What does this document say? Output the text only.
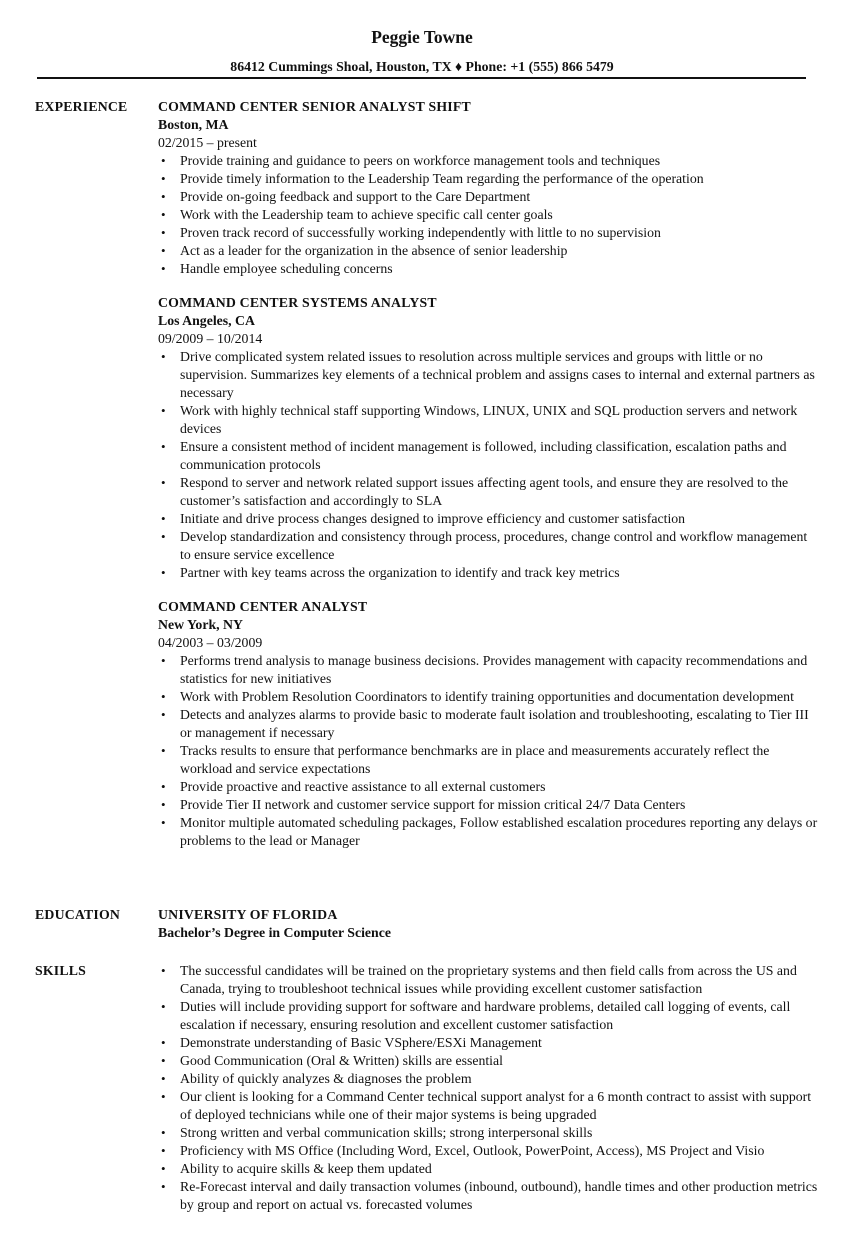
Peggie Towne
86412 Cummings Shoal, Houston, TX ♦ Phone: +1 (555) 866 5479
EXPERIENCE COMMAND CENTER SENIOR ANALYST SHIFT
Boston, MA
02/2015 – present
• Provide training and guidance to peers on workforce management tools and techniques
• Provide timely information to the Leadership Team regarding the performance of the operation
• Provide on-going feedback and support to the Care Department
• Work with the Leadership team to achieve specific call center goals
• Proven track record of successfully working independently with little to no supervision
• Act as a leader for the organization in the absence of senior leadership
• Handle employee scheduling concerns
COMMAND CENTER SYSTEMS ANALYST
Los Angeles, CA
09/2009 – 10/2014
• Drive complicated system related issues to resolution across multiple services and groups with little or no supervision. Summarizes key elements of a technical problem and assigns cases to internal and external partners as necessary
• Work with highly technical staff supporting Windows, LINUX, UNIX and SQL production servers and network devices
• Ensure a consistent method of incident management is followed, including classification, escalation paths and communication protocols
• Respond to server and network related support issues affecting agent tools, and ensure they are resolved to the customer’s satisfaction and accordingly to SLA
• Initiate and drive process changes designed to improve efficiency and customer satisfaction
• Develop standardization and consistency through process, procedures, change control and workflow management to ensure service excellence
• Partner with key teams across the organization to identify and track key metrics
COMMAND CENTER ANALYST
New York, NY
04/2003 – 03/2009
• Performs trend analysis to manage business decisions. Provides management with capacity recommendations and statistics for new initiatives
• Work with Problem Resolution Coordinators to identify training opportunities and documentation development
• Detects and analyzes alarms to provide basic to moderate fault isolation and troubleshooting, escalating to Tier III or management if necessary
• Tracks results to ensure that performance benchmarks are in place and measurements accurately reflect the workload and service expectations
• Provide proactive and reactive assistance to all external customers
• Provide Tier II network and customer service support for mission critical 24/7 Data Centers
• Monitor multiple automated scheduling packages, Follow established escalation procedures reporting any delays or problems to the lead or Manager
EDUCATION	UNIVERSITY OF FLORIDA
Bachelor’s Degree in Computer Science
SKILLS
•	The successful candidates will be trained on the proprietary systems and then field calls from across the US and Canada, trying to troubleshoot technical issues while providing excellent customer satisfaction
• Duties will include providing support for software and hardware problems, detailed call logging of events, call escalation if necessary, ensuring resolution and excellent customer satisfaction
• Demonstrate understanding of Basic VSphere/ESXi Management
• Good Communication (Oral & Written) skills are essential
• Ability of quickly analyzes & diagnoses the problem
• Our client is looking for a Command Center technical support analyst for a 6 month contract to assist with support of deployed technicians while one of their major systems is being upgraded
• Strong written and verbal communication skills; strong interpersonal skills
• Proficiency with MS Office (Including Word, Excel, Outlook, PowerPoint, Access), MS Project and Visio
• Ability to acquire skills & keep them updated
• Re-Forecast interval and daily transaction volumes (inbound, outbound), handle times and other production metrics by group and report on actual vs. forecasted volumes
